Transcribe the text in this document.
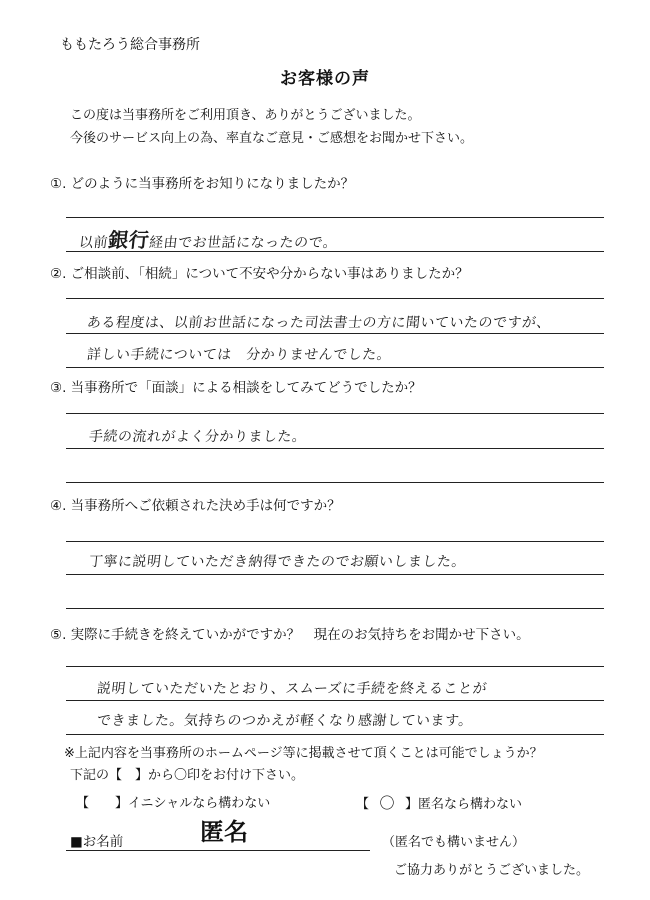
ももたろう総合事務所
お客様の声
この度は当事務所をご利用頂き、ありがとうございました。
今後のサービス向上の為、率直なご意見・ご感想をお聞かせ下さい。
①. どのように当事務所をお知りになりましたか？
以前銀行経由でお世話になったので。
②. ご相談前、「相続」について不安や分からない事はありましたか？
ある程度は、以前お世話になった司法書士の方に聞いていたのですが、
詳しい手続については　分かりませんでした。
③. 当事務所で「面談」による相談をしてみてどうでしたか？
手続の流れがよく分かりました。
④. 当事務所へご依頼された決め手は何ですか？
丁寧に説明していただき納得できたのでお願いしました。
⑤. 実際に手続きを終えていかがですか？　現在のお気持ちをお聞かせ下さい。
説明していただいたとおり、スムーズに手続を終えることが
できました。気持ちのつかえが軽くなり感謝しています。
※上記内容を当事務所のホームページ等に掲載させて頂くことは可能でしょうか？
下記の【　】から〇印をお付け下さい。
【　　】イニシャルなら構わない	【 〇 】匿名なら構わない
■お名前	匿名	（匿名でも構いません）
ご協力ありがとうございました。
